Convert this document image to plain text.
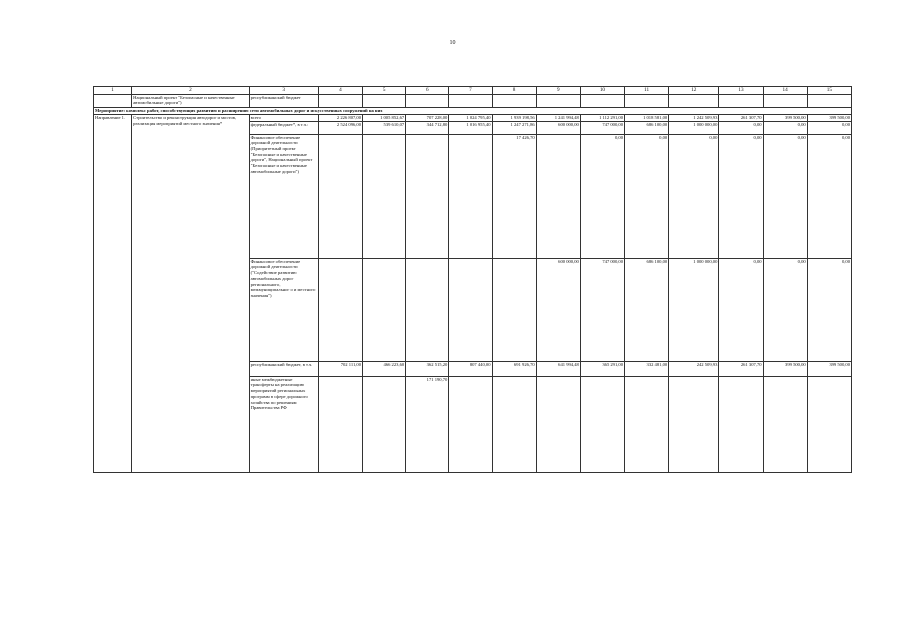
10
1	2	3	4	5	6	7	8	9	10	11	12	13	14	15
	Национальный проект "Безопасные и качественные автомобильные дороги")	республиканский бюджет												
Мероприятие: комплекс работ, способствующих развитию и расширению сети автомобильных дорог и искусственных сооружений на них														
Направление 1.	Строительство и реконструкция автодорог и мостов, реализация мероприятий местного значения*	всего	2 226 807,00	1 005 852,67	707 228,00	1 024 795,40	1 939 198,56	1 241 994,48	1 112 291,00	1 018 581,00	1 242 509,93	261 307,70	399 500,00	399 500,00
		федеральный бюджет*, в т.ч.:	2 524 096,00	539 610,07	344 712,80	1 016 955,40	1 247 271,86	600 000,00	747 000,00	686 100,00	1 000 000,00	0,00	0,00	0,00
		Финансовое обеспечение дорожной деятельности (Приоритетный проект "Безопасные и качественные дороги", Национальный проект "Безопасные и качественные автомобильные дороги")					17 426,70		0,00	0,00	0,00	0,00	0,00	0,00
		Финансовое обеспечение дорожной деятельности ("Содействие развитию автомобильных дорог регионального, межмуниципальног о и местного значения")						600 000,00	747 000,00	686 100,00	1 000 000,00	0,00	0,00	0,00
		республиканский бюджет, в т.ч.	702 111,00	466 223,60	362 515,20	807 440,00	691 926,70	641 994,48	365 291,00	332 481,00	242 509,93	261 307,70	399 500,00	399 500,00
		иные межбюджетные трансферты на реализацию мероприятий региональных программ в сфере дорожного хозяйства по решениям Правительства РФ			171 190,70									
